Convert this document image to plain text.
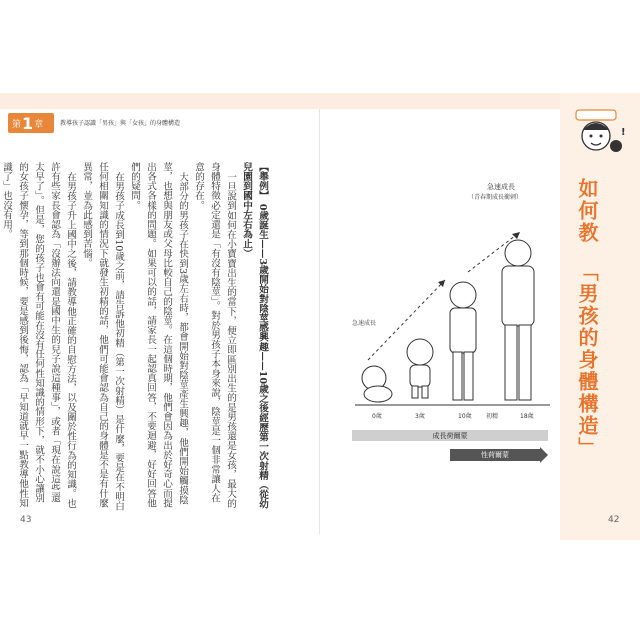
第 1 章	教導孩子認識「男孩」與「女孩」的身體構造

【舉例】 0歲誕生——3歲開始對陰莖感興趣——10歲之後經歷第一次射精（從幼兒園到國中左右為止）

一旦說到如何在小寶寶出生的當下，便立即區別出生的是男孩還是女孩，最大的身體特徵必定還是「有沒有陰莖」。對於男孩子本身來說，陰莖是一個非常讓人在意的存在。

大部分的男孩子在快到3歲左右時，都會開始對陰莖產生興趣，他們開始觸摸陰莖，也想與朋友或父母比較自己的陰莖。在這個時期，他們會因為出於好奇心而提出各式各樣的問題。如果可以的話，請家長一起認真回答，不要迴避，好好回答他們的疑問。

在男孩子成長到10歲之前，請告訴他初精（第一次射精）是什麼，要是在不明白任何相關知識的情況下就發生初精的話，他們可能會認為自己的身體是不是有什麼異常，並為此感到苦惱。

在男孩子升上國中之後，請教導他正確的自慰方法，以及關於性行為的知識。也許有些家長會認為「沒辦法向還是國中生的兒子說這種事」，或者「現在說這些還太早了」。但是，您的孩子也會有可能在沒有任何性知識的情形下，就不小心讓別的女孩子懷孕，等到那個時候，要是感到後悔，認為「早知道就早一點教導他性知識了」也沒有用。

43	42
!
如何教 「男孩的身體構造」
急速成長
急速成長
（青春期成長衝刺）
0歲	3歲	10歲 初精	18歲
成長荷爾蒙
性荷爾蒙
